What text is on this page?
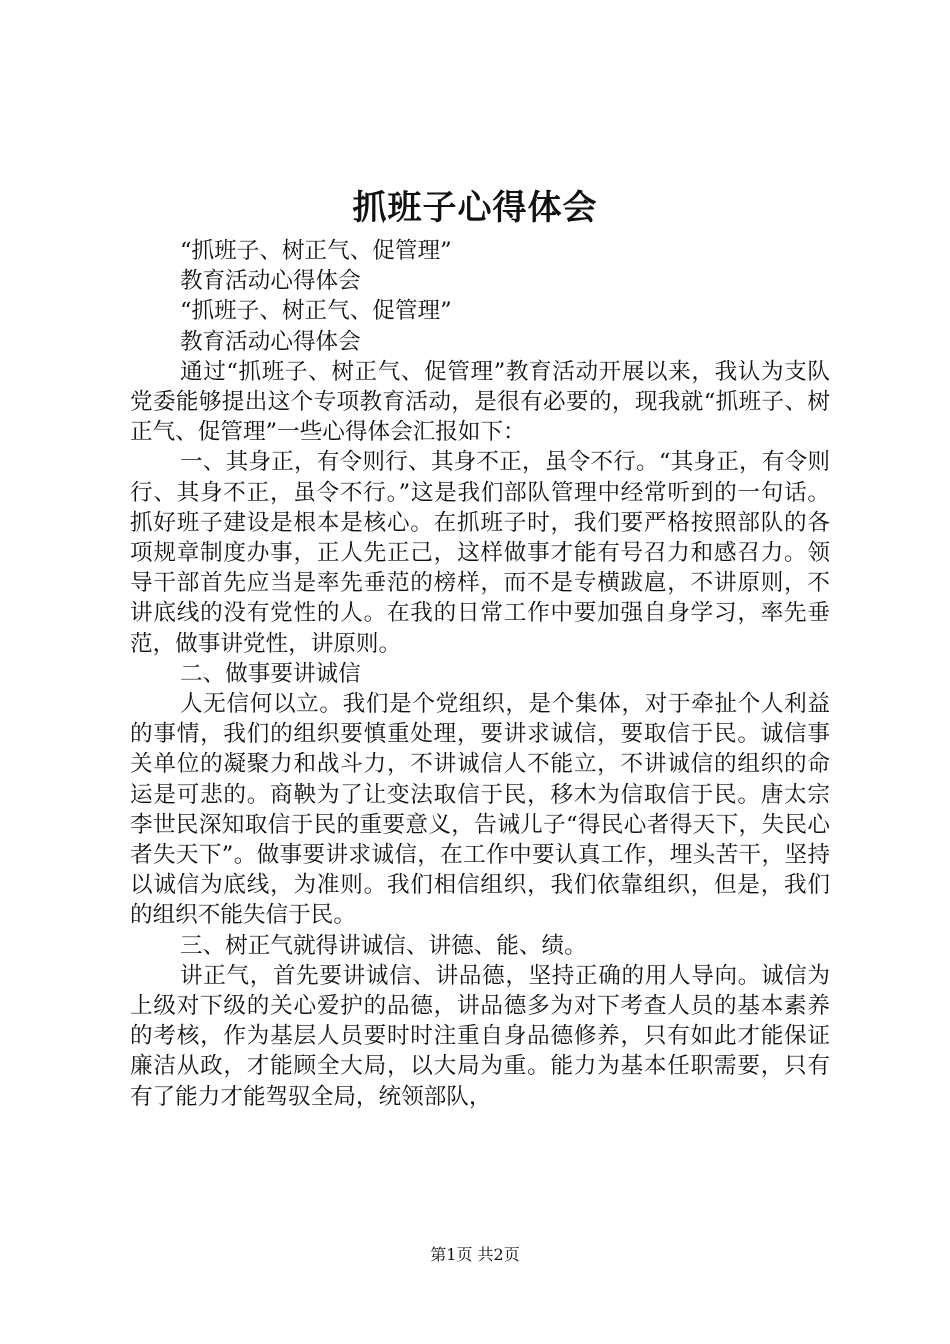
抓班子心得体会

“抓班子、树正气、促管理”

教育活动心得体会

“抓班子、树正气、促管理”

教育活动心得体会

通过“抓班子、树正气、促管理”教育活动开展以来，我认为支队党委能够提出这个专项教育活动，是很有必要的，现我就“抓班子、树正气、促管理”一些心得体会汇报如下：

一、其身正，有令则行、其身不正，虽令不行。“其身正，有令则行、其身不正，虽令不行。”这是我们部队管理中经常听到的一句话。抓好班子建设是根本是核心。在抓班子时，我们要严格按照部队的各项规章制度办事，正人先正己，这样做事才能有号召力和感召力。领导干部首先应当是率先垂范的榜样，而不是专横跋扈，不讲原则，不讲底线的没有党性的人。在我的日常工作中要加强自身学习，率先垂范，做事讲党性，讲原则。

二、做事要讲诚信

人无信何以立。我们是个党组织，是个集体，对于牵扯个人利益的事情，我们的组织要慎重处理，要讲求诚信，要取信于民。诚信事关单位的凝聚力和战斗力，不讲诚信人不能立，不讲诚信的组织的命运是可悲的。商鞅为了让变法取信于民，移木为信取信于民。唐太宗李世民深知取信于民的重要意义，告诫儿子“得民心者得天下，失民心者失天下”。做事要讲求诚信，在工作中要认真工作，埋头苦干，坚持以诚信为底线，为准则。我们相信组织，我们依靠组织，但是，我们的组织不能失信于民。

三、树正气就得讲诚信、讲德、能、绩。

讲正气，首先要讲诚信、讲品德，坚持正确的用人导向。诚信为上级对下级的关心爱护的品德，讲品德多为对下考查人员的基本素养的考核，作为基层人员要时时注重自身品德修养，只有如此才能保证廉洁从政，才能顾全大局，以大局为重。能力为基本任职需要，只有有了能力才能驾驭全局，统领部队，

第1页 共2页
